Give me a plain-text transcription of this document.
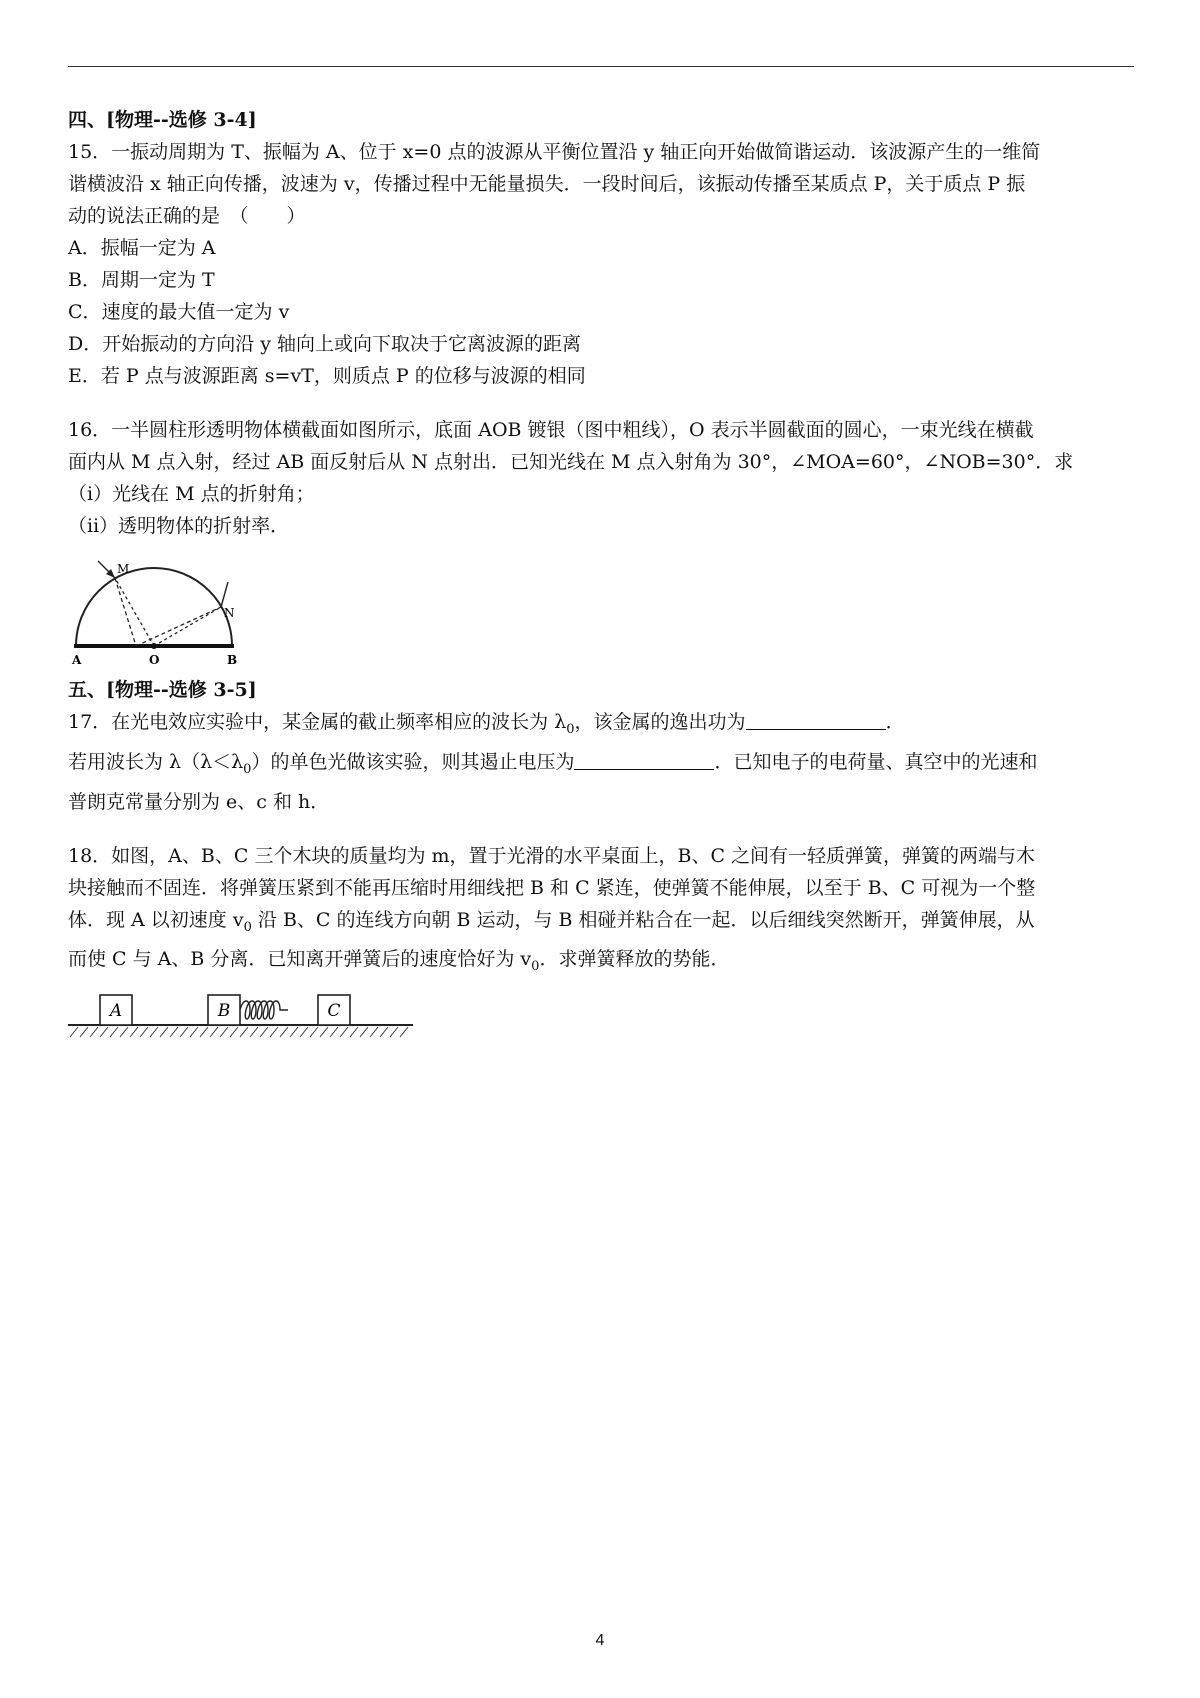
四、[物理--选修 3-4]
15．一振动周期为 T、振幅为 A、位于 x=0 点的波源从平衡位置沿 y 轴正向开始做简谐运动．该波源产生的一维简
谐横波沿 x 轴正向传播，波速为 v，传播过程中无能量损失．一段时间后，该振动传播至某质点 P，关于质点 P 振
动的说法正确的是　（　　）
A．振幅一定为 A
B．周期一定为 T
C．速度的最大值一定为 v
D．开始振动的方向沿 y 轴向上或向下取决于它离波源的距离
E．若 P 点与波源距离 s=vT，则质点 P 的位移与波源的相同
16．一半圆柱形透明物体横截面如图所示，底面 AOB 镀银（图中粗线），O 表示半圆截面的圆心，一束光线在横截
面内从 M 点入射，经过 AB 面反射后从 N 点射出．已知光线在 M 点入射角为 30°，∠MOA=60°，∠NOB=30°．求
（ⅰ）光线在 M 点的折射角；
（ⅱ）透明物体的折射率．
M
N
A	O	B
五、[物理--选修 3-5]
17．在光电效应实验中，某金属的截止频率相应的波长为 $\lambda_0$，该金属的逸出功为	．
若用波长为 $\lambda(\lambda<\lambda_0)$的单色光做该实验，则其遏止电压为	．已知电子的电荷量、真空中的光速和
普朗克常量分别为 e、c 和 h．
18．如图，A、B、C 三个木块的质量均为 m，置于光滑的水平桌面上，B、C 之间有一轻质弹簧，弹簧的两端与木
块接触而不固连．将弹簧压紧到不能再压缩时用细线把 B 和 C 紧连，使弹簧不能伸展，以至于 B、C 可视为一个整
体．现 A 以初速度 $v_0$ 沿 B、C 的连线方向朝 B 运动，与 B 相碰并粘合在一起．以后细线突然断开，弹簧伸展，从
而使 C 与 A、B 分离．已知离开弹簧后的速度恰好为 $v_0$．求弹簧释放的势能．
A	B	C
4
